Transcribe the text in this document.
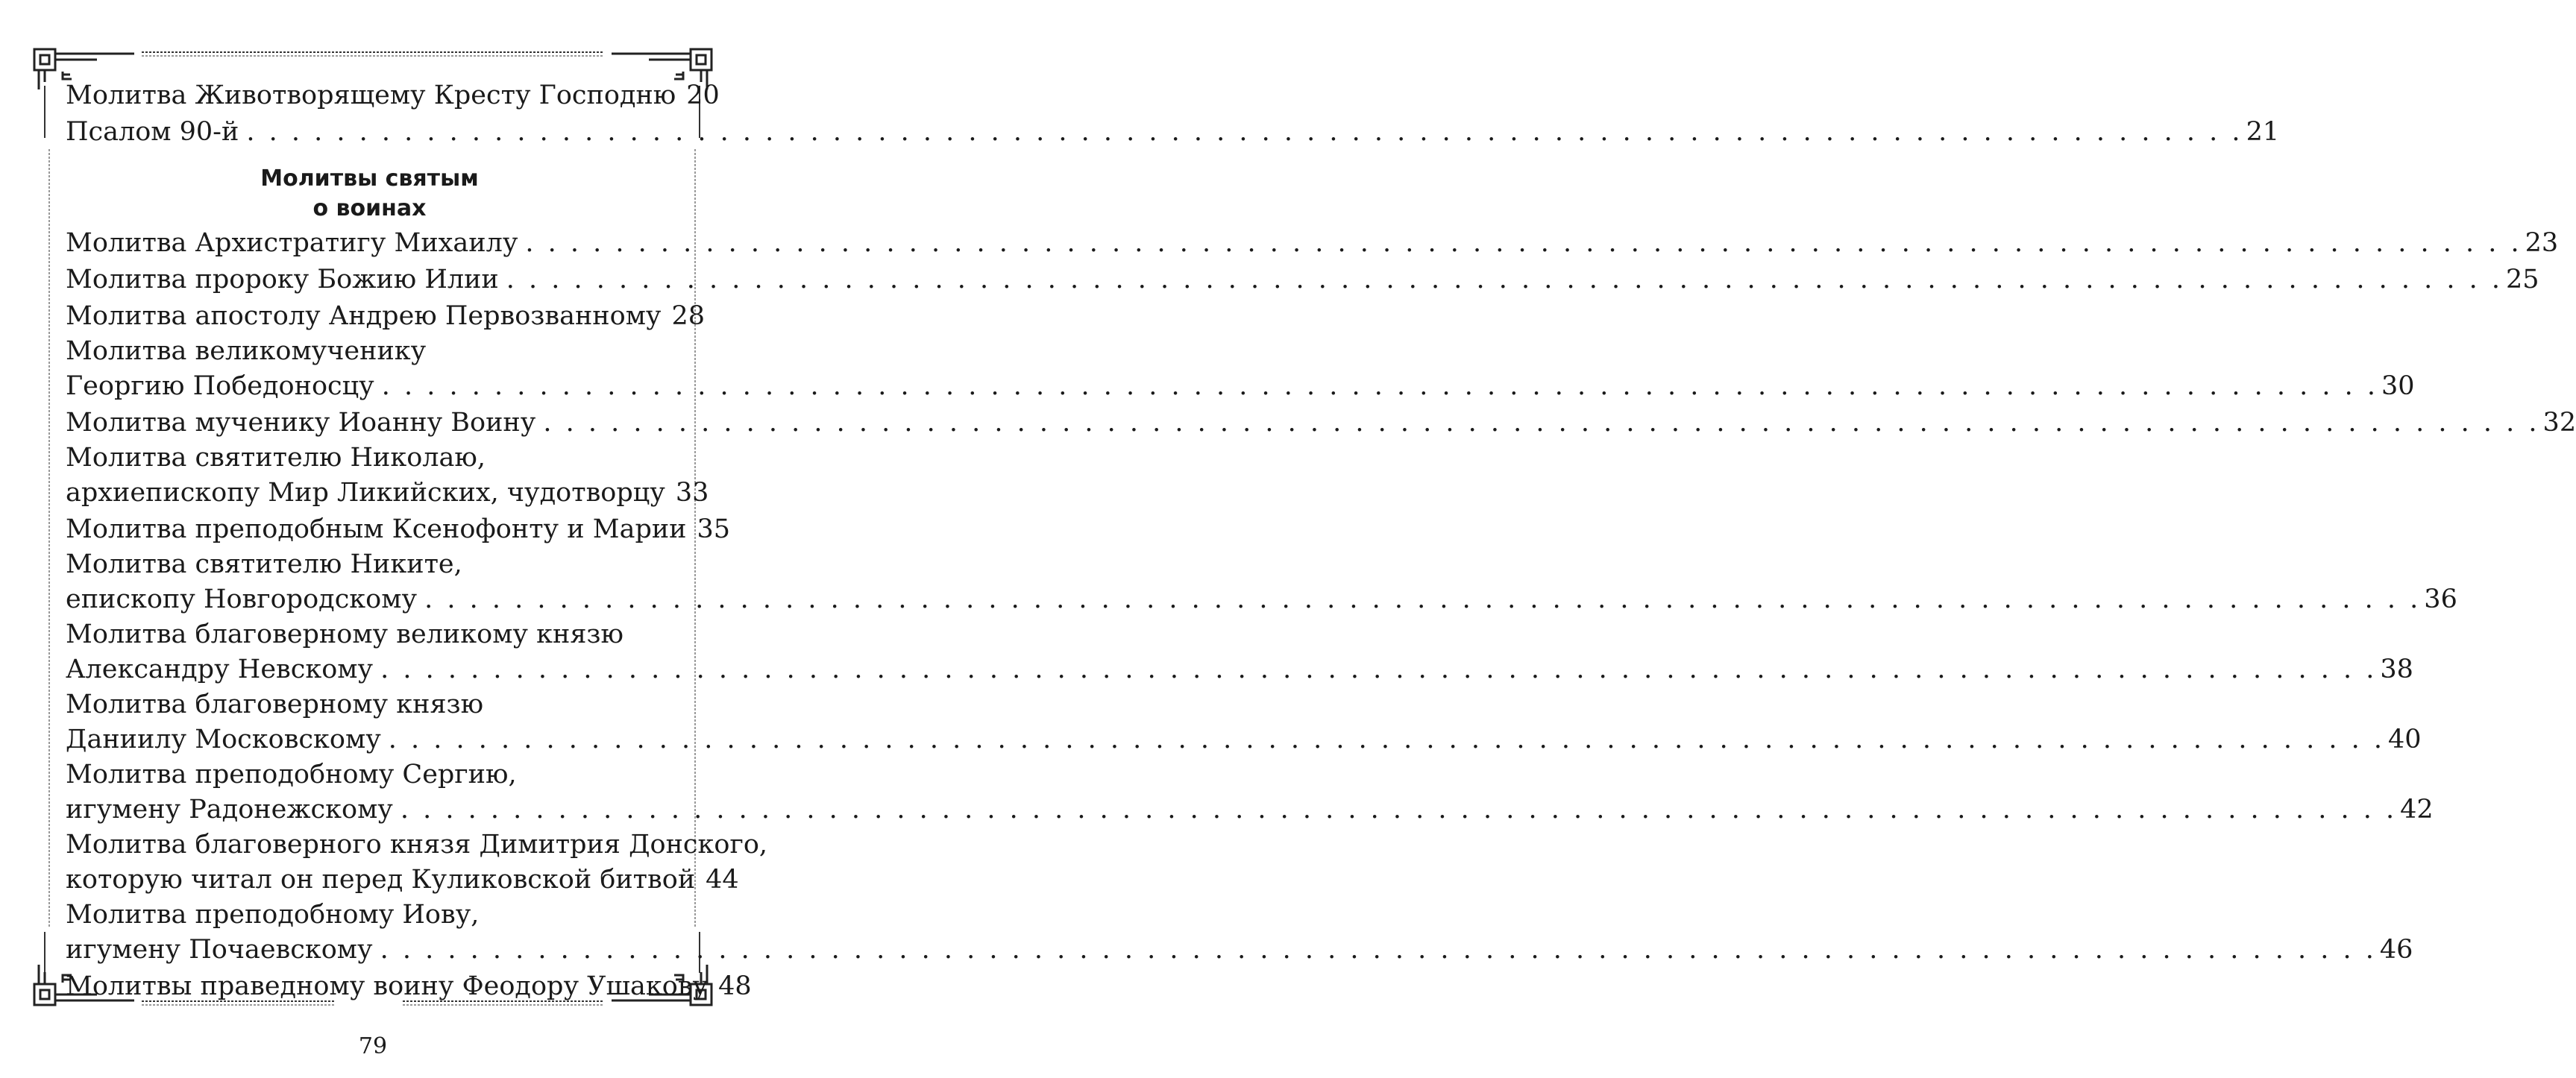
Молитва Животворящему Кресту Господню 20
Псалом 90-й . . .	21
Молитвы святым
о воинах
Молитва Архистратигу Михаилу . . .	23
Молитва пророку Божию Илии . . .	25
Молитва апостолу Андрею Первозванному 28
Молитва великомученику
Георгию Победоносцу . . .	30
Молитва мученику Иоанну Воину . . .	32
Молитва святителю Николаю,
архиепископу Мир Ликийских, чудотворцу 33
Молитва преподобным Ксенофонту и Марии 35
Молитва святителю Никите,
епископу Новгородскому . . .	36
Молитва благоверному великому князю
Александру Невскому . . .	38
Молитва благоверному князю
Даниилу Московскому . . .	40
Молитва преподобному Сергию,
игумену Радонежскому . . .	42
Молитва благоверного князя Димитрия Донского,
которую читал он перед Куликовской битвой 44
Молитва преподобному Иову,
игумену Почаевскому . . .	46
Молитвы праведному воину Феодору Ушакову 48
79
